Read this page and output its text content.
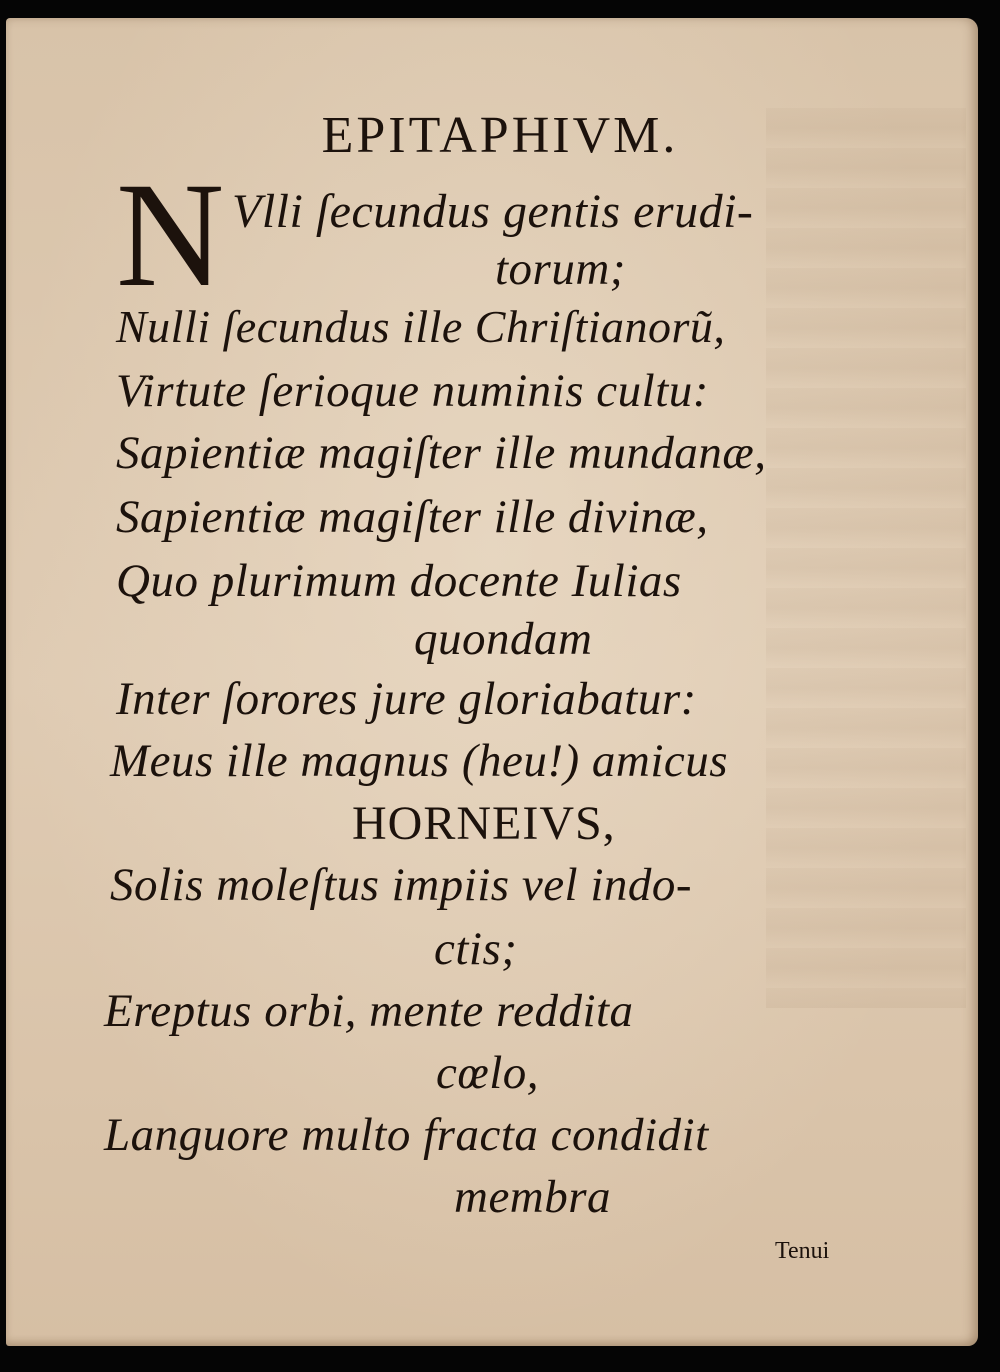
EPITAPHIVM.
N Vlli ſecundus gentis erudi-
torum;
Nulli ſecundus ille Chriſtianorũ,
Virtute ſerioque numinis cultu:
Sapientiæ magiſter ille mundanæ,
Sapientiæ magiſter ille divinæ,
Quo plurimum docente Iulias
quondam
Inter ſorores jure gloriabatur:
Meus ille magnus (heu!) amicus
HORNEIVS,
Solis moleſtus impiis vel indo-
ctis;
Ereptus orbi, mente reddita
cœlo,
Languore multo fracta condidit
membra
Tenui
